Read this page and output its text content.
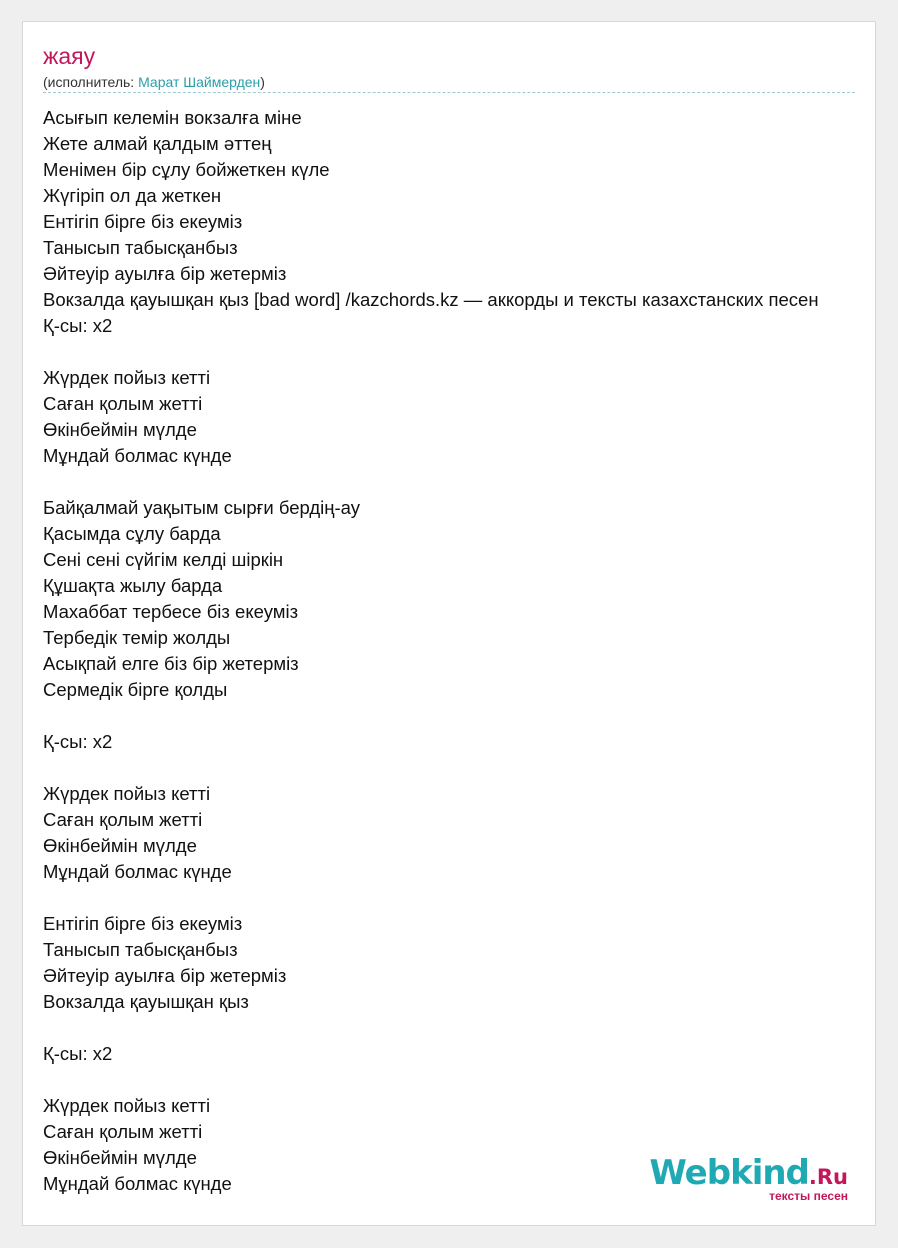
жаяу
(исполнитель: Марат Шаймерден)
Асығып келемін вокзалға міне
Жете алмай қалдым әттең
Менімен бір сұлу бойжеткен күле
Жүгіріп ол да жеткен
Ентігіп бірге біз екеуміз
Танысып табысқанбыз
Әйтеуір ауылға бір жетерміз
Вокзалда қауышқан қыз [bad word] /kazchords.kz — аккорды и тексты казахстанских песен
Қ-сы: x2
Жүрдек пойыз кетті
Саған қолым жетті
Өкінбеймін мүлде
Мұндай болмас күнде
Байқалмай уақытым сырғи бердің-ау
Қасымда сұлу барда
Сені сені сүйгім келді шіркін
Құшақта жылу барда
Махаббат тербесе біз екеуміз
Тербедік темір жолды
Асықпай елге біз бір жетерміз
Сермедік бірге қолды
Қ-сы: x2
Жүрдек пойыз кетті
Саған қолым жетті
Өкінбеймін мүлде
Мұндай болмас күнде
Ентігіп бірге біз екеуміз
Танысып табысқанбыз
Әйтеуір ауылға бір жетерміз
Вокзалда қауышқан қыз
Қ-сы: x2
Жүрдек пойыз кетті
Саған қолым жетті
Өкінбеймін мүлде
Мұндай болмас күнде	Webkind.Ru
тексты песен
